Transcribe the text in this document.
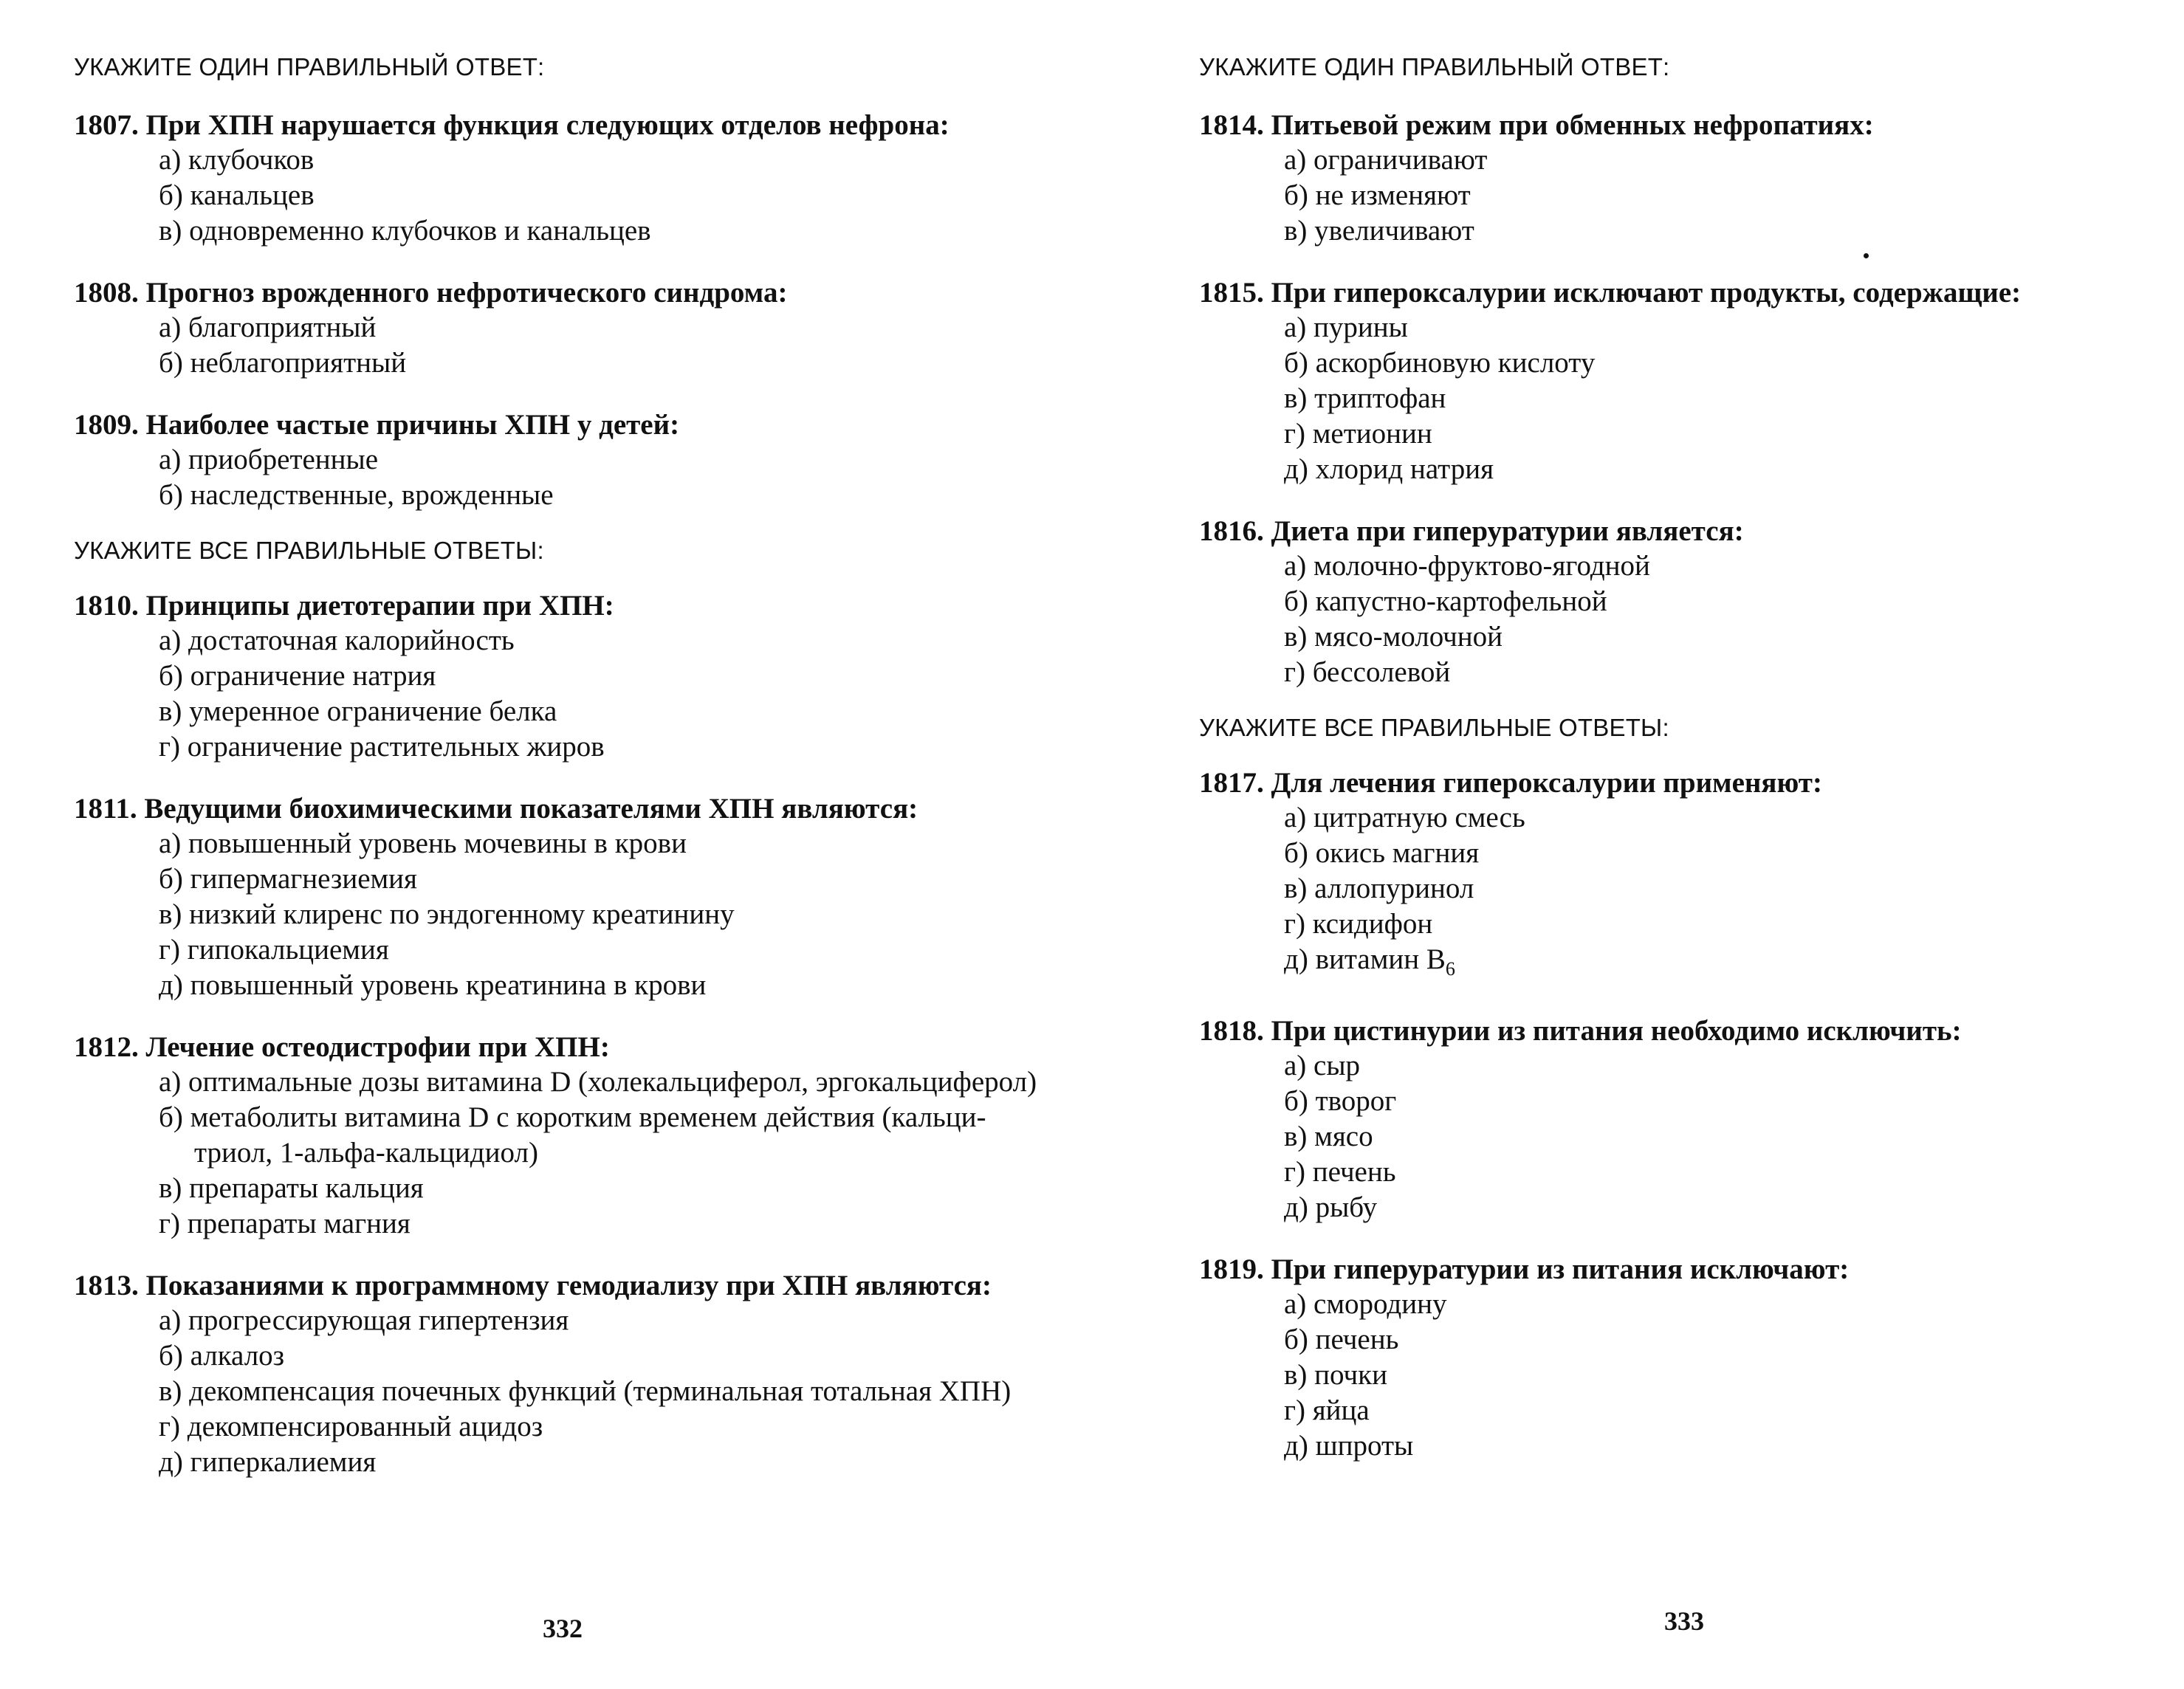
УКАЖИТЕ ОДИН ПРАВИЛЬНЫЙ ОТВЕТ:

1807. При ХПН нарушается функция следующих отделов нефрона:

а) клубочков
б) канальцев
в) одновременно клубочков и канальцев

1808. Прогноз врожденного нефротического синдрома:

а) благоприятный
б) неблагоприятный

1809. Наиболее частые причины ХПН у детей:

а) приобретенные
б) наследственные, врожденные

УКАЖИТЕ ВСЕ ПРАВИЛЬНЫЕ ОТВЕТЫ:

1810. Принципы диетотерапии при ХПН:

а) достаточная калорийность
б) ограничение натрия
в) умеренное ограничение белка
г) ограничение растительных жиров

1811. Ведущими биохимическими показателями ХПН являются:

а) повышенный уровень мочевины в крови
б) гипермагнезиемия
в) низкий клиренс по эндогенному креатинину
г) гипокальциемия
д) повышенный уровень креатинина в крови

1812. Лечение остеодистрофии при ХПН:

а) оптимальные дозы витамина D (холекальциферол, эргокальциферол)
б) метаболиты витамина D с коротким временем действия (кальци-
триол, 1-альфа-кальцидиол)
в) препараты кальция
г) препараты магния

1813. Показаниями к программному гемодиализу при ХПН являются:

а) прогрессирующая гипертензия
б) алкалоз
в) декомпенсация почечных функций (терминальная тотальная ХПН)
г) декомпенсированный ацидоз
д) гиперкалиемия
332

УКАЖИТЕ ОДИН ПРАВИЛЬНЫЙ ОТВЕТ:

1814. Питьевой режим при обменных нефропатиях:

а) ограничивают
б) не изменяют
в) увеличивают

1815. При гипероксалурии исключают продукты, содержащие:

а) пурины
б) аскорбиновую кислоту
в) триптофан
г) метионин
д) хлорид натрия

1816. Диета при гиперуратурии является:

а) молочно-фруктово-ягодной
б) капустно-картофельной
в) мясо-молочной
г) бессолевой

УКАЖИТЕ ВСЕ ПРАВИЛЬНЫЕ ОТВЕТЫ:

1817. Для лечения гипероксалурии применяют:

а) цитратную смесь
б) окись магния
в) аллопуринол
г) ксидифон
д) витамин $B_6$

1818. При цистинурии из питания необходимо исключить:

а) сыр
б) творог
в) мясо
г) печень
д) рыбу

1819. При гиперуратурии из питания исключают:

а) смородину
б) печень
в) почки
г) яйца
д) шпроты
333
